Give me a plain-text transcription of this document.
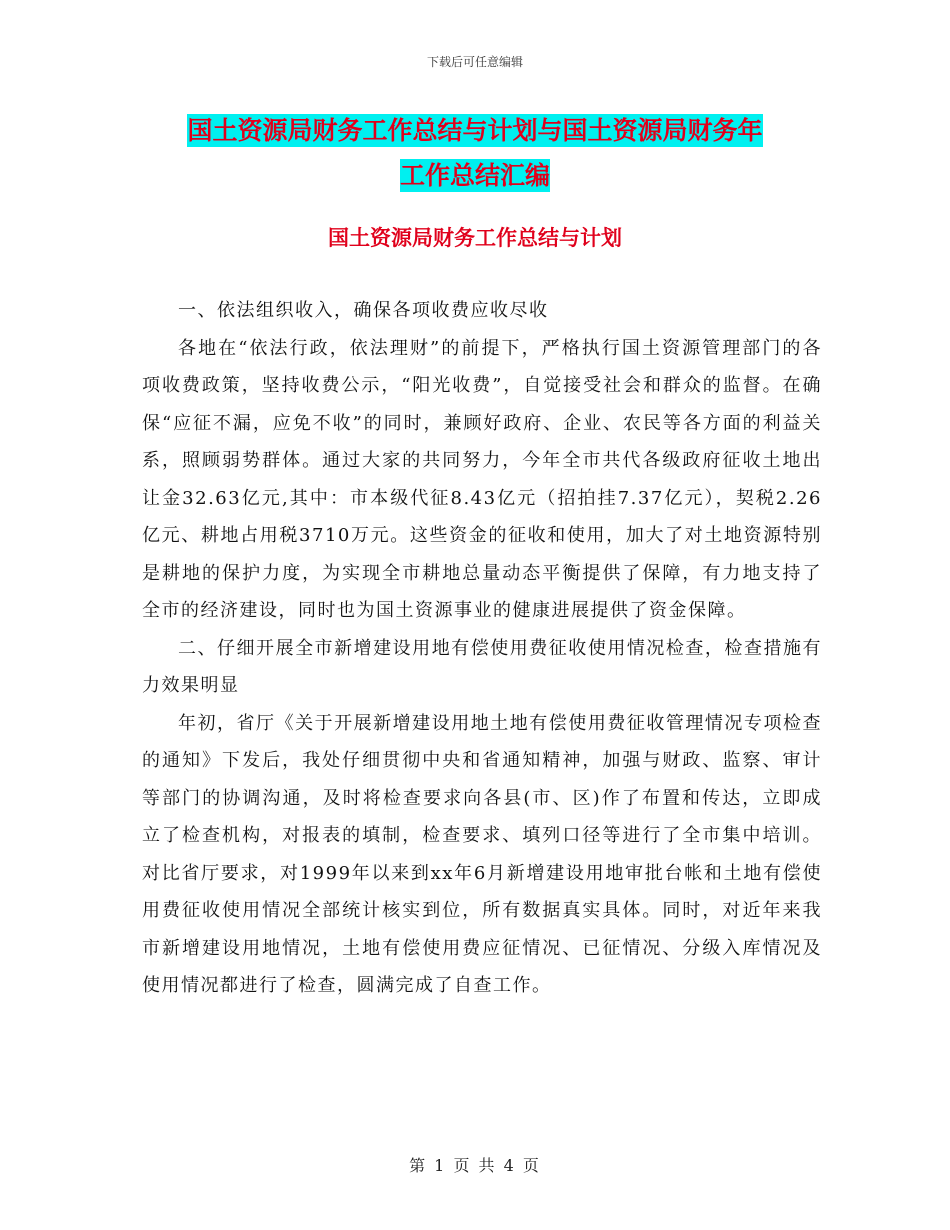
下载后可任意编辑
国土资源局财务工作总结与计划与国土资源局财务年
工作总结汇编
国土资源局财务工作总结与计划

一、依法组织收入，确保各项收费应收尽收

各地在“依法行政，依法理财”的前提下，严格执行国土资源管理部门的各项收费政策，坚持收费公示，“阳光收费”，自觉接受社会和群众的监督。在确保“应征不漏，应免不收”的同时，兼顾好政府、企业、农民等各方面的利益关系，照顾弱势群体。通过大家的共同努力，今年全市共代各级政府征收土地出让金32.63亿元,其中：市本级代征8.43亿元（招拍挂7.37亿元），契税2.26亿元、耕地占用税3710万元。这些资金的征收和使用，加大了对土地资源特别是耕地的保护力度，为实现全市耕地总量动态平衡提供了保障，有力地支持了全市的经济建设，同时也为国土资源事业的健康进展提供了资金保障。

二、仔细开展全市新增建设用地有偿使用费征收使用情况检查，检查措施有力效果明显

年初，省厅《关于开展新增建设用地土地有偿使用费征收管理情况专项检查的通知》下发后，我处仔细贯彻中央和省通知精神，加强与财政、监察、审计等部门的协调沟通，及时将检查要求向各县(市、区)作了布置和传达，立即成立了检查机构，对报表的填制，检查要求、填列口径等进行了全市集中培训。对比省厅要求，对1999年以来到xx年6月新增建设用地审批台帐和土地有偿使用费征收使用情况全部统计核实到位，所有数据真实具体。同时，对近年来我市新增建设用地情况，土地有偿使用费应征情况、已征情况、分级入库情况及使用情况都进行了检查，圆满完成了自查工作。

第 1 页 共 4 页
